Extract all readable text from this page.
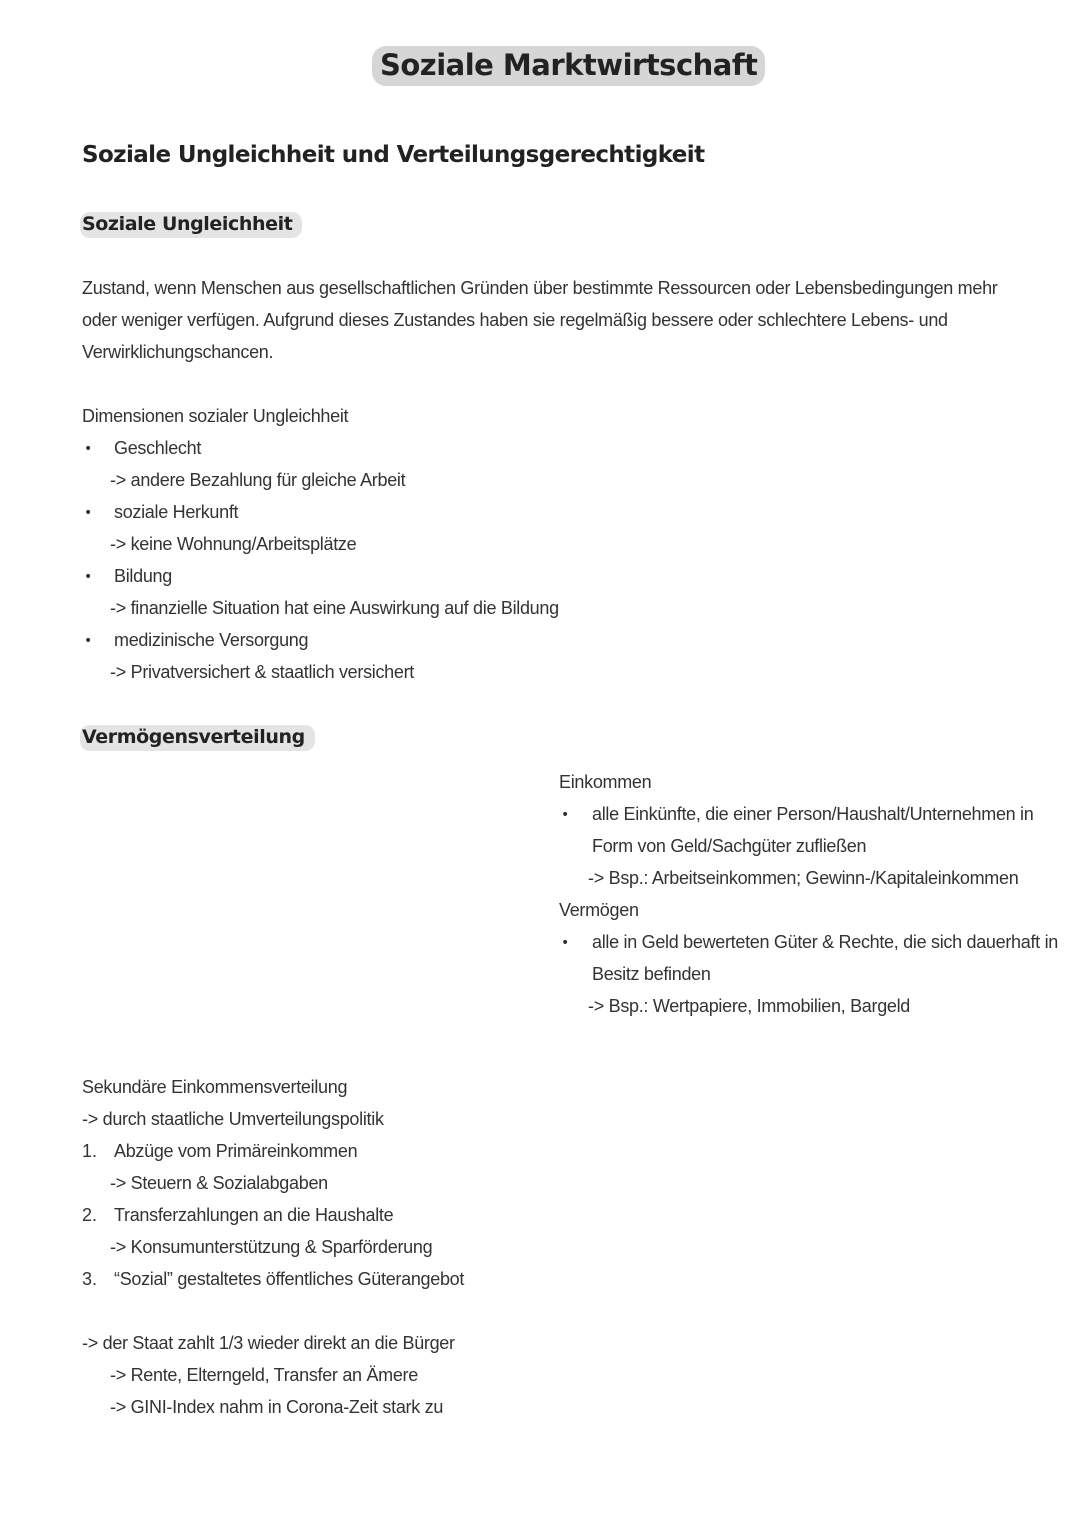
Soziale Marktwirtschaft
Soziale Ungleichheit und Verteilungsgerechtigkeit
Soziale Ungleichheit
Zustand, wenn Menschen aus gesellschaftlichen Gründen über bestimmte Ressourcen oder Lebensbedingungen mehr
oder weniger verfügen. Aufgrund dieses Zustandes haben sie regelmäßig bessere oder schlechtere Lebens- und
Verwirklichungschancen.
Dimensionen sozialer Ungleichheit
• Geschlecht
-> andere Bezahlung für gleiche Arbeit
• soziale Herkunft
-> keine Wohnung/Arbeitsplätze
• Bildung
-> finanzielle Situation hat eine Auswirkung auf die Bildung
• medizinische Versorgung
-> Privatversichert & staatlich versichert
Vermögensverteilung
Einkommen
• alle Einkünfte, die einer Person/Haushalt/Unternehmen in
Form von Geld/Sachgüter zufließen
-> Bsp.: Arbeitseinkommen; Gewinn-/Kapitaleinkommen
Vermögen
• alle in Geld bewerteten Güter & Rechte, die sich dauerhaft in
Besitz befinden
-> Bsp.: Wertpapiere, Immobilien, Bargeld
Sekundäre Einkommensverteilung
-> durch staatliche Umverteilungspolitik
1. Abzüge vom Primäreinkommen
-> Steuern & Sozialabgaben
2. Transferzahlungen an die Haushalte
-> Konsumunterstützung & Sparförderung
3. “Sozial” gestaltetes öffentliches Güterangebot
-> der Staat zahlt 1/3 wieder direkt an die Bürger
-> Rente, Elterngeld, Transfer an Ämere
-> GINI-Index nahm in Corona-Zeit stark zu
